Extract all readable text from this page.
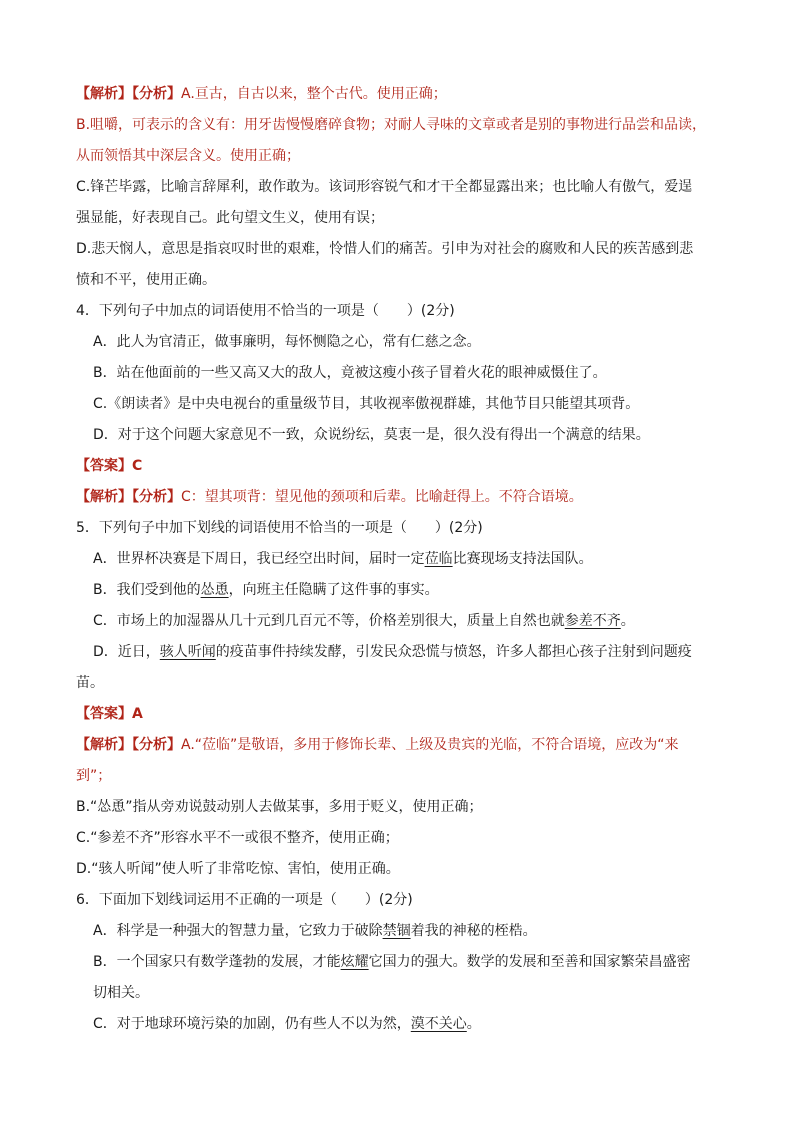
【解析】【分析】A.亘古，自古以来，整个古代。使用正确；
B.咀嚼，可表示的含义有：用牙齿慢慢磨碎食物；对耐人寻味的文章或者是别的事物进行品尝和品读，
从而领悟其中深层含义。使用正确；
C.锋芒毕露，比喻言辞犀利，敢作敢为。该词形容锐气和才干全都显露出来；也比喻人有傲气，爱逞
强显能，好表现自己。此句望文生义，使用有误；
D.悲天悯人，意思是指哀叹时世的艰难，怜惜人们的痛苦。引申为对社会的腐败和人民的疾苦感到悲
愤和不平，使用正确。
4．下列句子中加点的词语使用不恰当的一项是（　　）(2分)
A．此人为官清正，做事廉明，每怀恻隐之心，常有仁慈之念。
B．站在他面前的一些又高又大的敌人，竟被这瘦小孩子冒着火花的眼神威慑住了。
C.《朗读者》是中央电视台的重量级节目，其收视率傲视群雄，其他节目只能望其项背。
D．对于这个问题大家意见不一致，众说纷纭，莫衷一是，很久没有得出一个满意的结果。
【答案】C
【解析】【分析】C：望其项背：望见他的颈项和后辈。比喻赶得上。不符合语境。
5．下列句子中加下划线的词语使用不恰当的一项是（　　）(2分)
A．世界杯决赛是下周日，我已经空出时间，届时一定莅临比赛现场支持法国队。
B．我们受到他的怂恿，向班主任隐瞒了这件事的事实。
C．市场上的加湿器从几十元到几百元不等，价格差别很大，质量上自然也就参差不齐。
D．近日，骇人听闻的疫苗事件持续发酵，引发民众恐慌与愤怒，许多人都担心孩子注射到问题疫
苗。
【答案】A
【解析】【分析】A.“莅临”是敬语，多用于修饰长辈、上级及贵宾的光临，不符合语境，应改为“来
到”；
B.“怂恿”指从旁劝说鼓动别人去做某事，多用于贬义，使用正确；
C.“参差不齐”形容水平不一或很不整齐，使用正确；
D.“骇人听闻”使人听了非常吃惊、害怕，使用正确。
6．下面加下划线词运用不正确的一项是（　　）(2分)
A．科学是一种强大的智慧力量，它致力于破除禁锢着我的神秘的桎梏。
B．一个国家只有数学蓬勃的发展，才能炫耀它国力的强大。数学的发展和至善和国家繁荣昌盛密
切相关。
C．对于地球环境污染的加剧，仍有些人不以为然，漠不关心。
